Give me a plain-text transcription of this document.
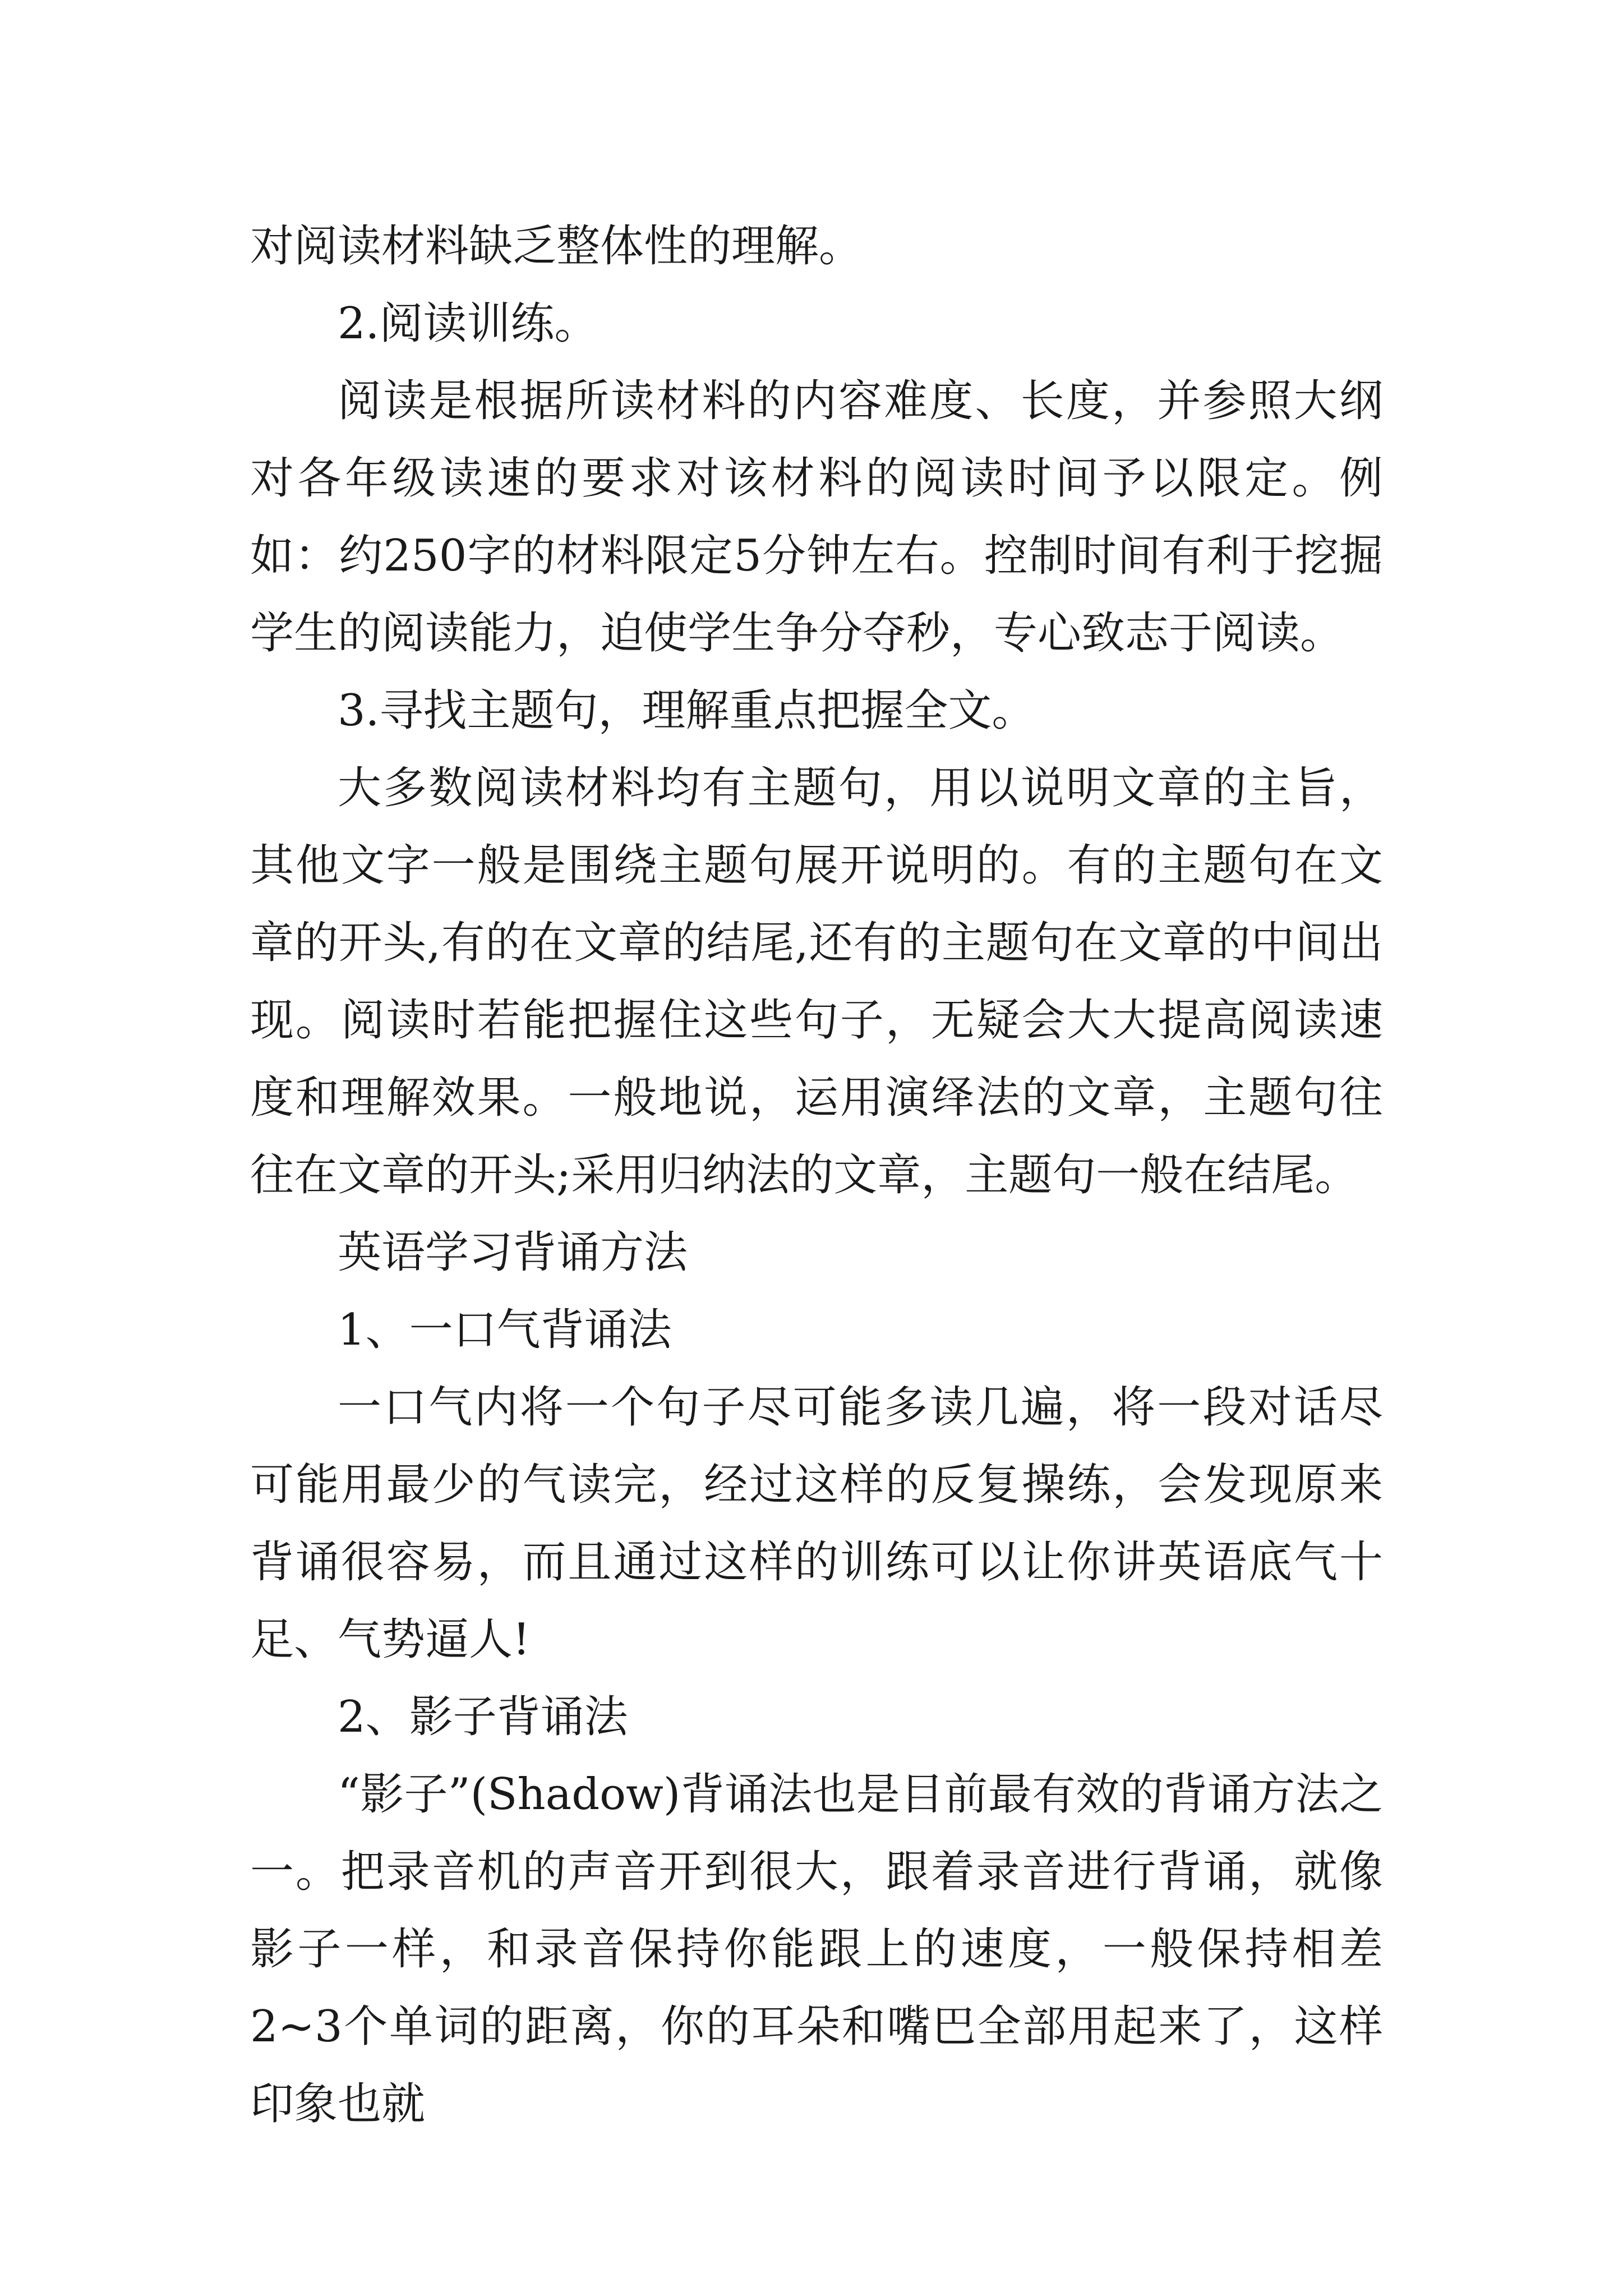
对阅读材料缺乏整体性的理解。

2.阅读训练。

阅读是根据所读材料的内容难度、长度，并参照大纲对各年级读速的要求对该材料的阅读时间予以限定。例如：约250字的材料限定5分钟左右。控制时间有利于挖掘学生的阅读能力，迫使学生争分夺秒，专心致志于阅读。

3.寻找主题句，理解重点把握全文。

大多数阅读材料均有主题句，用以说明文章的主旨，其他文字一般是围绕主题句展开说明的。有的主题句在文章的开头,有的在文章的结尾,还有的主题句在文章的中间出现。阅读时若能把握住这些句子，无疑会大大提高阅读速度和理解效果。一般地说，运用演绎法的文章，主题句往往在文章的开头;采用归纳法的文章，主题句一般在结尾。

英语学习背诵方法

1、一口气背诵法

一口气内将一个句子尽可能多读几遍，将一段对话尽可能用最少的气读完，经过这样的反复操练，会发现原来背诵很容易，而且通过这样的训练可以让你讲英语底气十足、气势逼人!

2、影子背诵法

“影子”(Shadow)背诵法也是目前最有效的背诵方法之一。把录音机的声音开到很大，跟着录音进行背诵，就像影子一样，和录音保持你能跟上的速度，一般保持相差2~3个单词的距离，你的耳朵和嘴巴全部用起来了，这样印象也就
